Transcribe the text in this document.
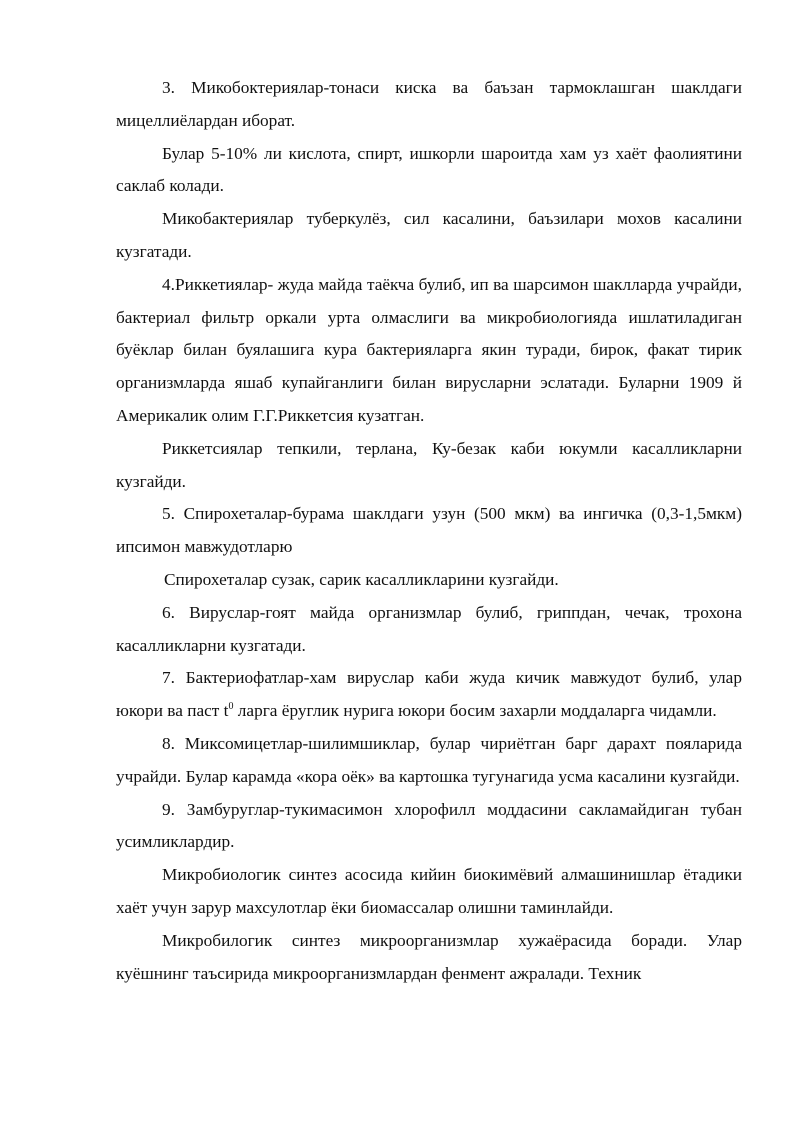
3. Микобоктериялар-тонаси киска ва баъзан тармоклашган шаклдаги мицеллиёлардан иборат.

Булар 5-10% ли кислота, спирт, ишкорли шароитда хам уз хаёт фаолиятини саклаб колади.

Микобактериялар туберкулёз, сил касалини, баъзилари мохов касалини кузгатади.

4.Риккетиялар- жуда майда таёкча булиб, ип ва шарсимон шаклларда учрайди, бактериал фильтр оркали урта олмаслиги ва микробиологияда ишлатиладиган буёклар билан буялашига кура бактерияларга якин туради, бирок, факат тирик организмларда яшаб купайганлиги билан вирусларни эслатади. Буларни 1909 й Америкалик олим Г.Г.Риккетсия кузатган.

Риккетсиялар тепкили, терлана, Ку-безак каби юкумли касалликларни кузгайди.

5. Спирохеталар-бурама шаклдаги узун (500 мкм) ва ингичка (0,3-1,5мкм) ипсимон мавжудотларю

Спирохеталар сузак, сарик касалликларини кузгайди.

6. Вируслар-гоят майда организмлар булиб, гриппдан, чечак, трохона касалликларни кузгатади.

7. Бактериофатлар-хам вируслар каби жуда кичик мавжудот булиб, улар юкори ва паст $t^0$ ларга ёруглик нурига юкори босим захарли моддаларга чидамли.

8. Миксомицетлар-шилимшиклар, булар чириётган барг дарахт пояларида учрайди. Булар карамда «кора оёк» ва картошка тугунагида усма касалини кузгайди.

9. Замбуруглар-тукимасимон хлорофилл моддасини сакламайдиган тубан усимликлардир.

Микробиологик синтез асосида кийин биокимёвий алмашинишлар ётадики хаёт учун зарур махсулотлар ёки биомассалар олишни таминлайди.

Микробилогик синтез микроорганизмлар хужаёрасида боради. Улар куёшнинг таъсирида микроорганизмлардан фенмент ажралади. Техник
